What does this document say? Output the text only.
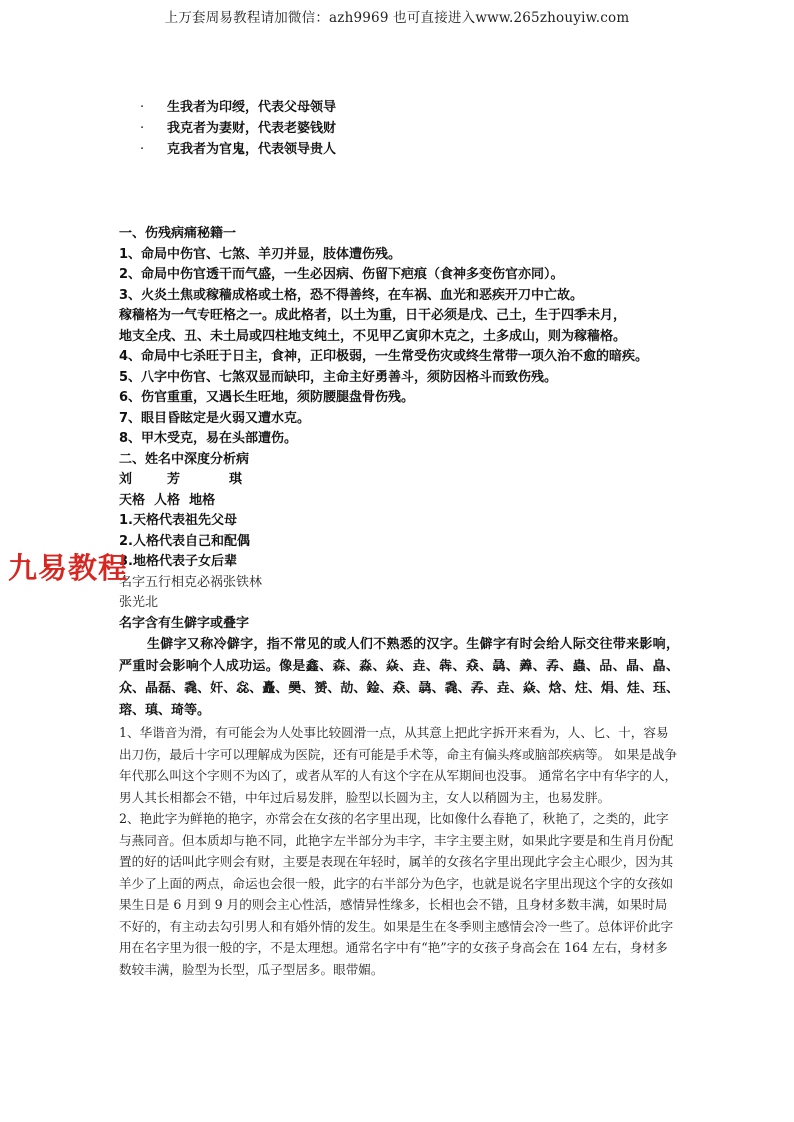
上万套周易教程请加微信：azh9969 也可直接进入www.265zhouyiw.com
· 生我者为印绶，代表父母领导
· 我克者为妻财，代表老婆钱财
· 克我者为官鬼，代表领导贵人
一、伤残病痛秘籍一
1、命局中伤官、七煞、羊刃并显，肢体遭伤残。
2、命局中伤官透干而气盛，一生必因病、伤留下疤痕（食神多变伤官亦同）。
3、火炎土焦或稼穑成格或土格，恐不得善终，在车祸、血光和恶疾开刀中亡故。
稼穑格为一气专旺格之一。成此格者，以土为重，日干必须是戊、己土，生于四季未月，
地支全戌、丑、未土局或四柱地支纯土，不见甲乙寅卯木克之，土多成山，则为稼穑格。
4、命局中七杀旺于日主，食神，正印极弱，一生常受伤灾或终生常带一项久治不愈的暗疾。
5、八字中伤官、七煞双显而缺印，主命主好勇善斗，须防因格斗而致伤残。
6、伤官重重，又遇长生旺地，须防腰腿盘骨伤残。
7、眼目昏眩定是火弱又遭水克。
8、甲木受克，易在头部遭伤。
二、姓名中深度分析病
刘	芳	琪
天格  人格  地格
1.天格代表祖先父母
2.人格代表自己和配偶
3.地格代表子女后辈
名字五行相克必祸张铁林
张光北
名字含有生僻字或叠字
生僻字又称冷僻字，指不常见的或人们不熟悉的汉字。生僻字有时会给人际交往带来影响，严重时会影响个人成功运。像是鑫、森、淼、焱、垚、犇、猋、骉、羴、孨、蟲、品、晶、皛、众、晶磊、毳、奸、惢、矗、奰、赟、劼、鍂、猋、骉、毳、孨、垚、焱、焓、炷、焆、烓、珏、瑢、瑱、琦等。
1、华谐音为滑，有可能会为人处事比较圆滑一点，从其意上把此字拆开来看为，人、匕、十，容易出刀伤，最后十字可以理解成为医院，还有可能是手术等，命主有偏头疼或脑部疾病等。 如果是战争年代那么叫这个字则不为凶了，或者从军的人有这个字在从军期间也没事。 通常名字中有华字的人，男人其长相都会不错，中年过后易发胖，脸型以长圆为主，女人以稍圆为主，也易发胖。
2、艳此字为鲜艳的艳字，亦常会在女孩的名字里出现，比如像什么春艳了，秋艳了，之类的，此字与燕同音。但本质却与艳不同，此艳字左半部分为丰字，丰字主要主财，如果此字要是和生肖月份配置的好的话叫此字则会有财，主要是表现在年轻时，属羊的女孩名字里出现此字会主心眼少，因为其羊少了上面的两点，命运也会很一般，此字的右半部分为色字，也就是说名字里出现这个字的女孩如果生日是 6 月到 9 月的则会主心性活，感情异性缘多，长相也会不错，且身材多数丰满，如果时局不好的，有主动去勾引男人和有婚外情的发生。如果是生在冬季则主感情会冷一些了。总体评价此字用在名字里为很一般的字，不是太理想。通常名字中有“艳”字的女孩子身高会在 164 左右，身材多数较丰满，脸型为长型，瓜子型居多。眼带媚。
九易教程
